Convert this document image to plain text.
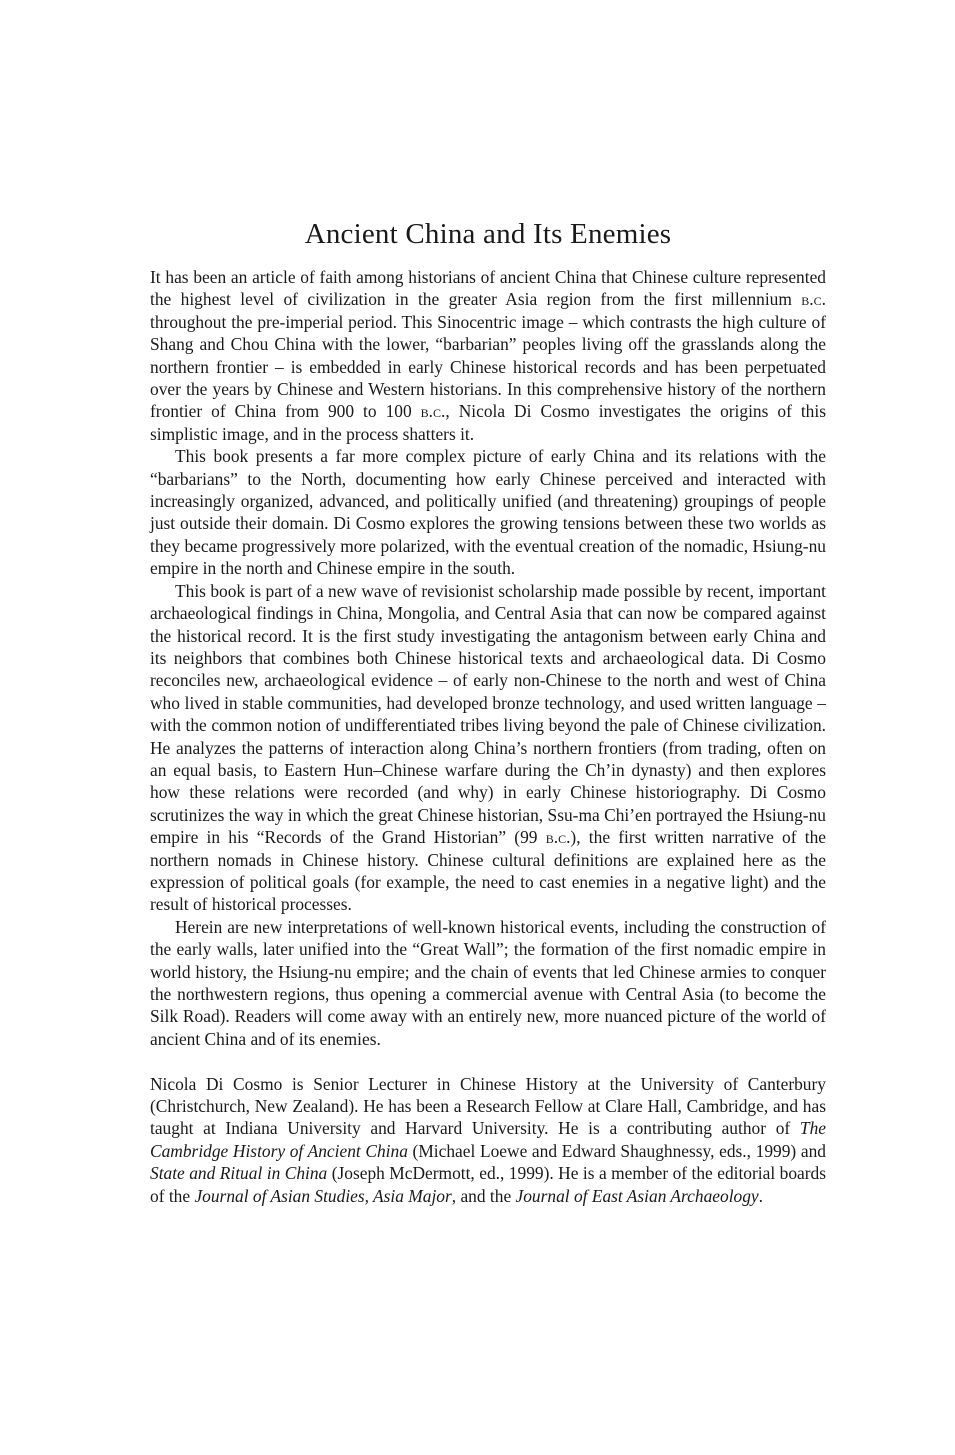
Ancient China and Its Enemies

It has been an article of faith among historians of ancient China that Chinese culture represented the highest level of civilization in the greater Asia region from the first millennium b.c. throughout the pre-imperial period. This Sinocentric image – which contrasts the high culture of Shang and Chou China with the lower, “barbarian” peoples living off the grasslands along the northern frontier – is embedded in early Chinese historical records and has been perpetuated over the years by Chinese and Western historians. In this comprehensive history of the northern frontier of China from 900 to 100 b.c., Nicola Di Cosmo investigates the origins of this simplistic image, and in the process shatters it.

This book presents a far more complex picture of early China and its relations with the “barbarians” to the North, documenting how early Chinese perceived and interacted with increasingly organized, advanced, and politically unified (and threatening) groupings of people just outside their domain. Di Cosmo explores the growing tensions between these two worlds as they became progressively more polarized, with the eventual creation of the nomadic, Hsiung-nu empire in the north and Chinese empire in the south.

This book is part of a new wave of revisionist scholarship made possible by recent, important archaeological findings in China, Mongolia, and Central Asia that can now be compared against the historical record. It is the first study investigating the antagonism between early China and its neighbors that combines both Chinese historical texts and archaeological data. Di Cosmo reconciles new, archaeological evidence – of early non-Chinese to the north and west of China who lived in stable communities, had developed bronze technology, and used written language – with the common notion of undifferentiated tribes living beyond the pale of Chinese civilization. He analyzes the patterns of interaction along China’s northern frontiers (from trading, often on an equal basis, to Eastern Hun–Chinese warfare during the Ch’in dynasty) and then explores how these relations were recorded (and why) in early Chinese historiography. Di Cosmo scrutinizes the way in which the great Chinese historian, Ssu-ma Chi’en portrayed the Hsiung-nu empire in his “Records of the Grand Historian” (99 b.c.), the first written narrative of the northern nomads in Chinese history. Chinese cultural definitions are explained here as the expression of political goals (for example, the need to cast enemies in a negative light) and the result of historical processes.

Herein are new interpretations of well-known historical events, including the construction of the early walls, later unified into the “Great Wall”; the formation of the first nomadic empire in world history, the Hsiung-nu empire; and the chain of events that led Chinese armies to conquer the northwestern regions, thus opening a commercial avenue with Central Asia (to become the Silk Road). Readers will come away with an entirely new, more nuanced picture of the world of ancient China and of its enemies.

Nicola Di Cosmo is Senior Lecturer in Chinese History at the University of Canterbury (Christchurch, New Zealand). He has been a Research Fellow at Clare Hall, Cambridge, and has taught at Indiana University and Harvard University. He is a contributing author of The Cambridge History of Ancient China (Michael Loewe and Edward Shaughnessy, eds., 1999) and State and Ritual in China (Joseph McDermott, ed., 1999). He is a member of the editorial boards of the Journal of Asian Studies, Asia Major, and the Journal of East Asian Archaeology.
